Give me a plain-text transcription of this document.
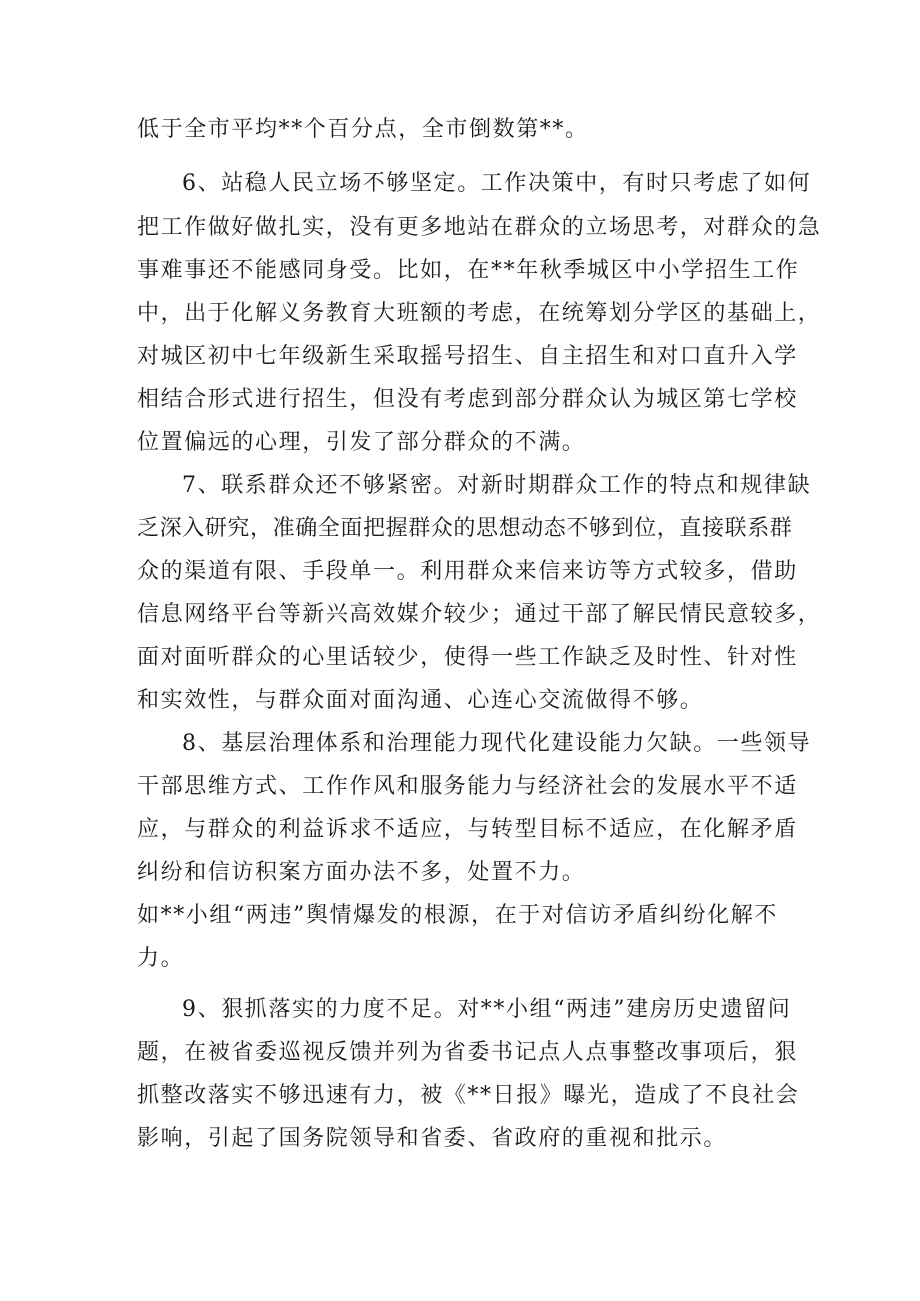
低于全市平均**个百分点，全市倒数第**。
6、站稳人民立场不够坚定。工作决策中，有时只考虑了如何
把工作做好做扎实，没有更多地站在群众的立场思考，对群众的急
事难事还不能感同身受。比如，在**年秋季城区中小学招生工作
中，出于化解义务教育大班额的考虑，在统筹划分学区的基础上，
对城区初中七年级新生采取摇号招生、自主招生和对口直升入学
相结合形式进行招生，但没有考虑到部分群众认为城区第七学校
位置偏远的心理，引发了部分群众的不满。
7、联系群众还不够紧密。对新时期群众工作的特点和规律缺
乏深入研究，准确全面把握群众的思想动态不够到位，直接联系群
众的渠道有限、手段单一。利用群众来信来访等方式较多，借助
信息网络平台等新兴高效媒介较少；通过干部了解民情民意较多，
面对面听群众的心里话较少，使得一些工作缺乏及时性、针对性
和实效性，与群众面对面沟通、心连心交流做得不够。
8、基层治理体系和治理能力现代化建设能力欠缺。一些领导
干部思维方式、工作作风和服务能力与经济社会的发展水平不适
应，与群众的利益诉求不适应，与转型目标不适应，在化解矛盾
纠纷和信访积案方面办法不多，处置不力。
如**小组“两违”舆情爆发的根源，在于对信访矛盾纠纷化解不
力。
9、狠抓落实的力度不足。对**小组“两违”建房历史遗留问
题，在被省委巡视反馈并列为省委书记点人点事整改事项后，狠
抓整改落实不够迅速有力，被《**日报》曝光，造成了不良社会
影响，引起了国务院领导和省委、省政府的重视和批示。
